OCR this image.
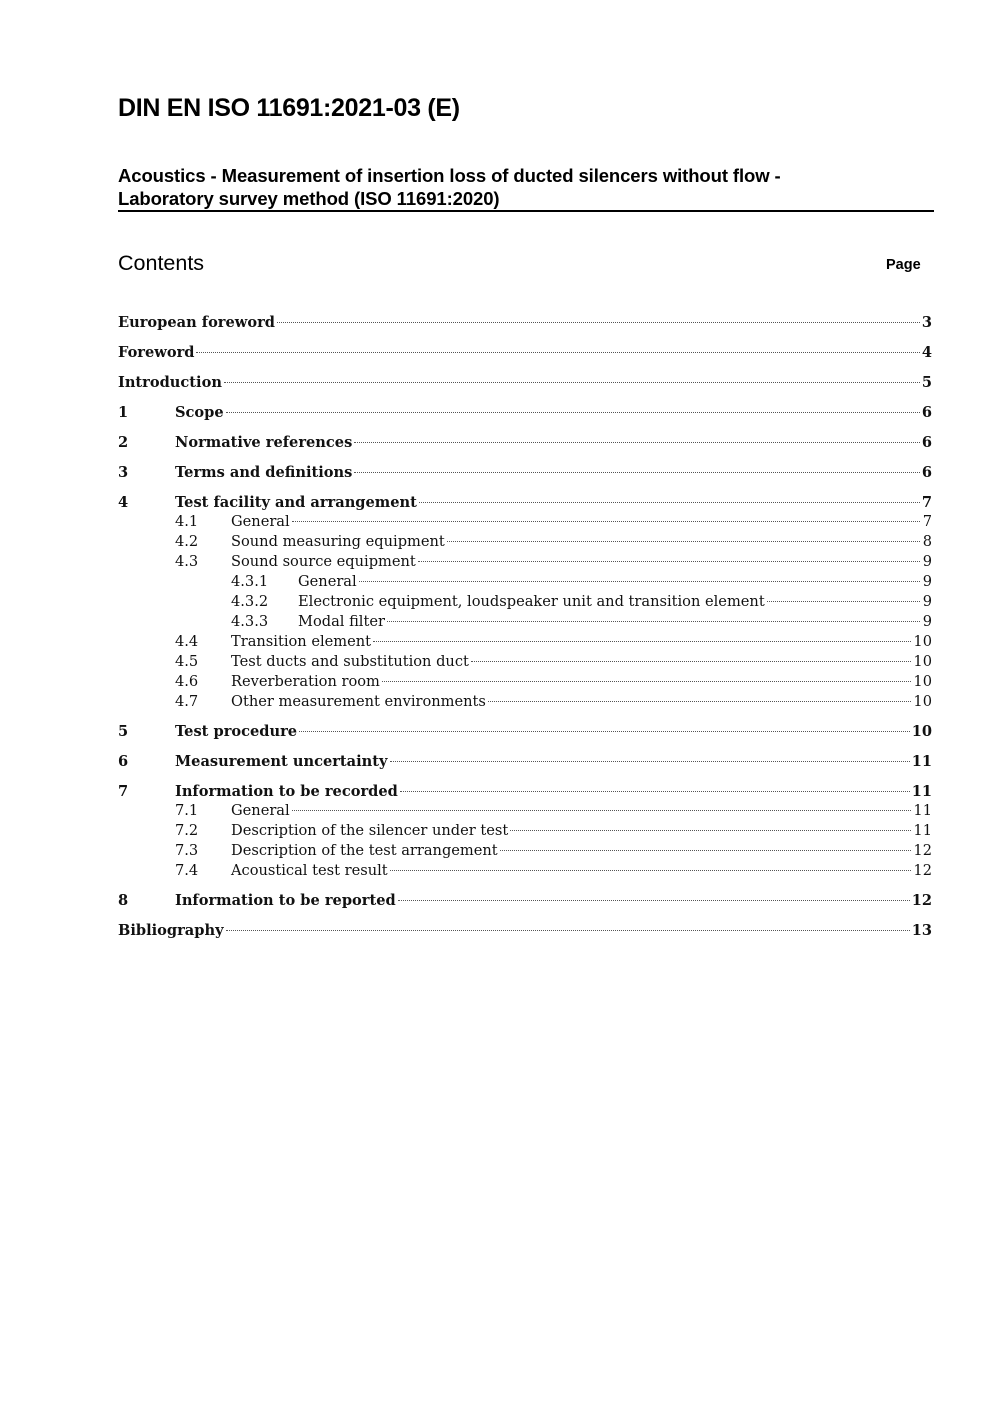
DIN EN ISO 11691:2021-03 (E)
Acoustics - Measurement of insertion loss of ducted silencers without flow -
Laboratory survey method (ISO 11691:2020)
Contents	Page
European foreword	3
Foreword	4
Introduction	5
1	Scope	6
2	Normative references	6
3	Terms and definitions	6
4	Test facility and arrangement	7
4.1	General	7
4.2	Sound measuring equipment	8
4.3	Sound source equipment	9
4.3.1	General	9
4.3.2	Electronic equipment, loudspeaker unit and transition element	9
4.3.3	Modal filter	9
4.4	Transition element	10
4.5	Test ducts and substitution duct	10
4.6	Reverberation room	10
4.7	Other measurement environments	10
5	Test procedure	10
6	Measurement uncertainty	11
7	Information to be recorded	11
7.1	General	11
7.2	Description of the silencer under test	11
7.3	Description of the test arrangement	12
7.4	Acoustical test result	12
8	Information to be reported	12
Bibliography	13
